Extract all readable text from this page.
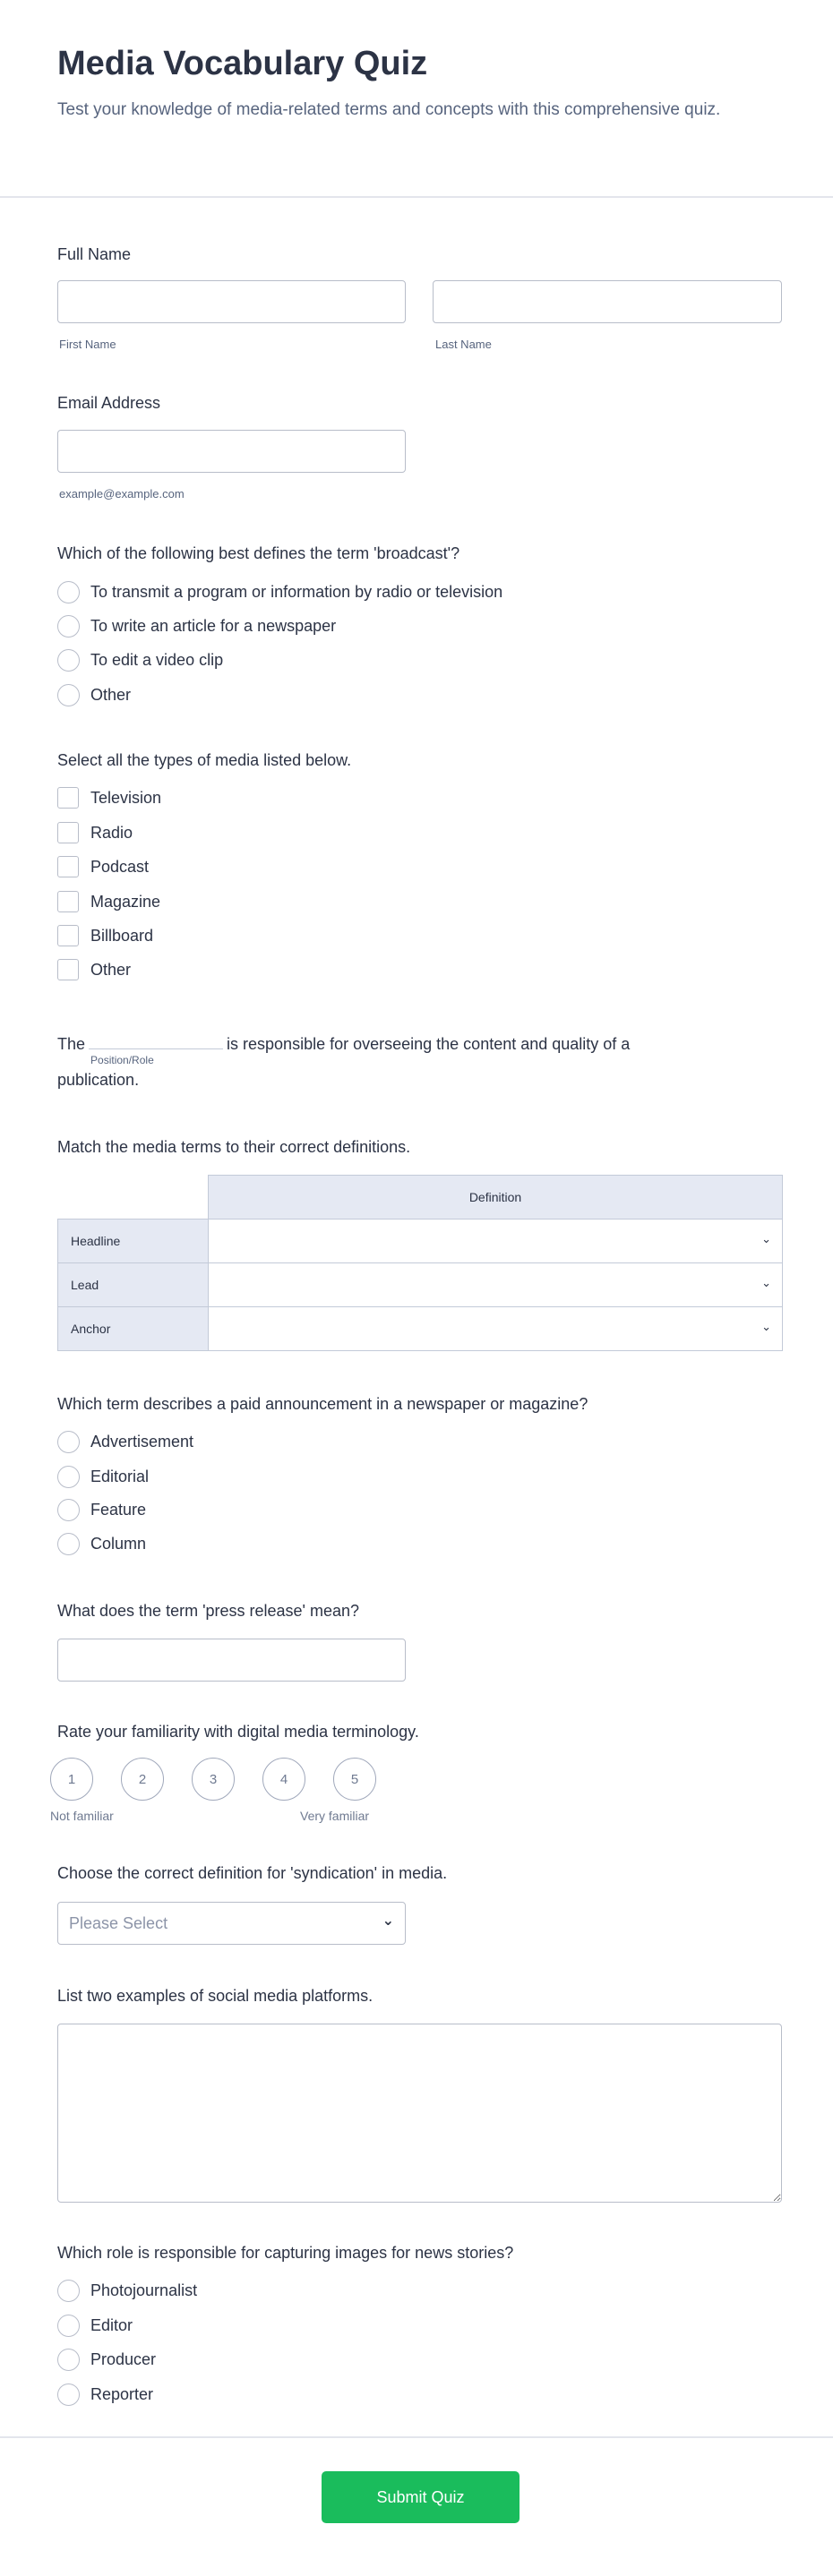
Media Vocabulary Quiz
Test your knowledge of media-related terms and concepts with this comprehensive quiz.
Full Name
First Name	Last Name
Email Address
example@example.com
Which of the following best defines the term 'broadcast'?
To transmit a program or information by radio or television
To write an article for a newspaper
To edit a video clip
Other
Select all the types of media listed below.
Television
Radio
Podcast
Magazine
Billboard
Other
The
Position/Role
is responsible for overseeing the content and quality of a
publication.
Match the media terms to their correct definitions.
	Definition
Headline	⌄

Lead	⌄

Anchor	⌄
Which term describes a paid announcement in a newspaper or magazine?
Advertisement
Editorial
Feature
Column
What does the term 'press release' mean?
Rate your familiarity with digital media terminology.
1	2	3	4	5
Not familiar	Very familiar
Choose the correct definition for 'syndication' in media.
Please Select	⌄
List two examples of social media platforms.
Which role is responsible for capturing images for news stories?
Photojournalist
Editor
Producer
Reporter
Submit Quiz
